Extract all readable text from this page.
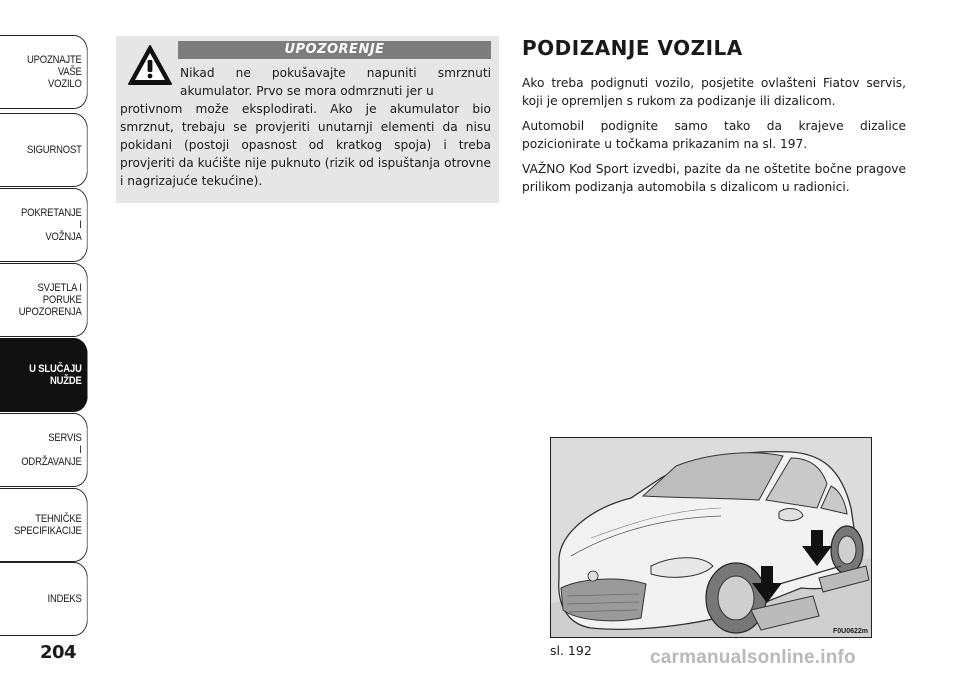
UPOZNAJTE
VAŠE
VOZILO
SIGURNOST
POKRETANJE
I
VOŽNJA
SVJETLA I
PORUKE
UPOZORENJA
U SLUČAJU
NUŽDE
SERVIS
I
ODRŽAVANJE
TEHNIČKE
SPECIFIKACIJE
INDEKS
204
UPOZORENJE
Nikad ne pokušavajte napuniti smrznuti akumulator. Prvo se mora odmrznuti jer u
protivnom može eksplodirati. Ako je akumulator bio smrznut, trebaju se provjeriti unutarnji elementi da nisu pokidani (postoji opasnost od kratkog spoja) i treba provjeriti da kućište nije puknuto (rizik od ispuštanja otrovne i nagrizajuće tekućine).
PODIZANJE VOZILA

Ako treba podignuti vozilo, posjetite ovlašteni Fiatov servis, koji je opremljen s rukom za podizanje ili dizalicom.

Automobil podignite samo tako da krajeve dizalice pozicionirate u točkama prikazanim na sl. 197.

VAŽNO Kod Sport izvedbi, pazite da ne oštetite bočne pragove prilikom podizanja automobila s dizalicom u radionici.

F0U0622m
sl. 192	carmanualsonline.info
